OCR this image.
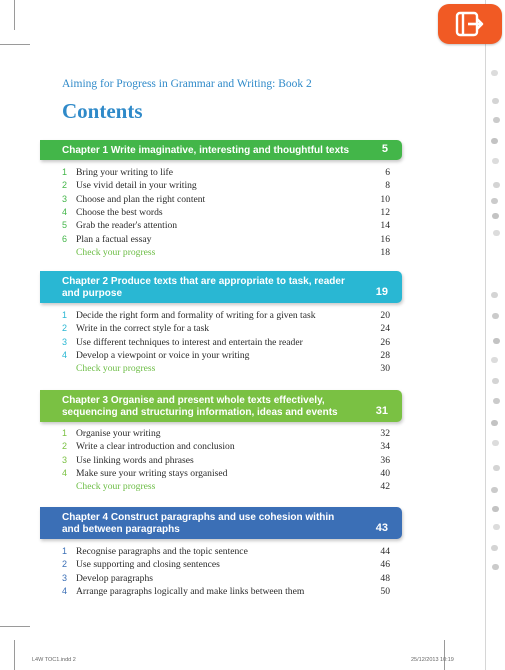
Aiming for Progress in Grammar and Writing: Book 2
Contents
Chapter 1 Write imaginative, interesting and thoughtful texts	5
1 Bring your writing to life	6
2 Use vivid detail in your writing	8
3 Choose and plan the right content	10
4 Choose the best words	12
5 Grab the reader's attention	14
6 Plan a factual essay	16
Check your progress	18
Chapter 2 Produce texts that are appropriate to task, reader
and purpose	19
1 Decide the right form and formality of writing for a given task	20
2 Write in the correct style for a task	24
3 Use different techniques to interest and entertain the reader	26
4 Develop a viewpoint or voice in your writing	28
Check your progress	30
Chapter 3 Organise and present whole texts effectively,
sequencing and structuring information, ideas and events	31
1 Organise your writing	32
2 Write a clear introduction and conclusion	34
3 Use linking words and phrases	36
4 Make sure your writing stays organised	40
Check your progress	42
Chapter 4 Construct paragraphs and use cohesion within
and between paragraphs	43
1 Recognise paragraphs and the topic sentence	44
2 Use supporting and closing sentences	46
3 Develop paragraphs	48
4 Arrange paragraphs logically and make links between them	50
L4W TOC1.indd 2	25/12/2013 10:19
